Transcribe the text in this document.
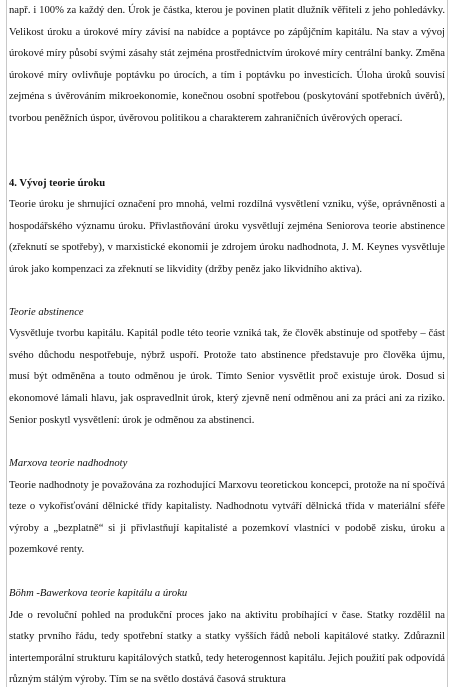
např. i 100% za každý den. Úrok je částka, kterou je povinen platit dlužník věřiteli z jeho pohledávky. Velikost úroku a úrokové míry závisí na nabídce a poptávce po zápůjčním kapitálu. Na stav a vývoj úrokové míry působí svými zásahy stát zejména prostřednictvím úrokové míry centrální banky. Změna úrokové míry ovlivňuje poptávku po úrocích, a tím i poptávku po investicích. Úloha úroků souvisí zejména s úvěrováním mikroekonomie, konečnou osobní spotřebou (poskytování spotřebních úvěrů), tvorbou peněžních úspor, úvěrovou politikou a charakterem zahraničních úvěrových operací.

4. Vývoj teorie úroku

Teorie úroku je shrnující označení pro mnohá, velmi rozdílná vysvětlení vzniku, výše, oprávněnosti a hospodářského významu úroku. Přivlastňování úroku vysvětlují zejména Seniorova teorie abstinence (zřeknutí se spotřeby), v marxistické ekonomii je zdrojem úroku nadhodnota, J. M. Keynes vysvětluje úrok jako kompenzaci za zřeknutí se likvidity (držby peněz jako likvidního aktiva).

Teorie abstinence

Vysvětluje tvorbu kapitálu. Kapitál podle této teorie vzniká tak, že člověk abstinuje od spotřeby – část svého důchodu nespotřebuje, nýbrž uspoří. Protože tato abstinence představuje pro člověka újmu, musí být odměněna a touto odměnou je úrok. Tímto Senior vysvětlit proč existuje úrok. Dosud si ekonomové lámali hlavu, jak ospravedlnit úrok, který zjevně není odměnou ani za práci ani za riziko. Senior poskytl vysvětlení: úrok je odměnou za abstinenci.

Marxova teorie nadhodnoty

Teorie nadhodnoty je považována za rozhodující Marxovu teoretickou koncepci, protože na ní spočívá teze o vykořisťování dělnické třídy kapitalisty. Nadhodnotu vytváří dělnická třída v materiální sféře výroby a „bezplatně“ si ji přivlastňují kapitalisté a pozemkoví vlastníci v podobě zisku, úroku a pozemkové renty.

Böhm -Bawerkova teorie kapitálu a úroku

Jde o revoluční pohled na produkční proces jako na aktivitu probíhající v čase. Statky rozdělil na statky prvního řádu, tedy spotřební statky a statky vyšších řádů neboli kapitálové statky. Zdůraznil intertemporální strukturu kapitálových statků, tedy heterogennost kapitálu. Jejich použití pak odpovídá různým stálým výroby. Tím se na světlo dostává časová struktura
